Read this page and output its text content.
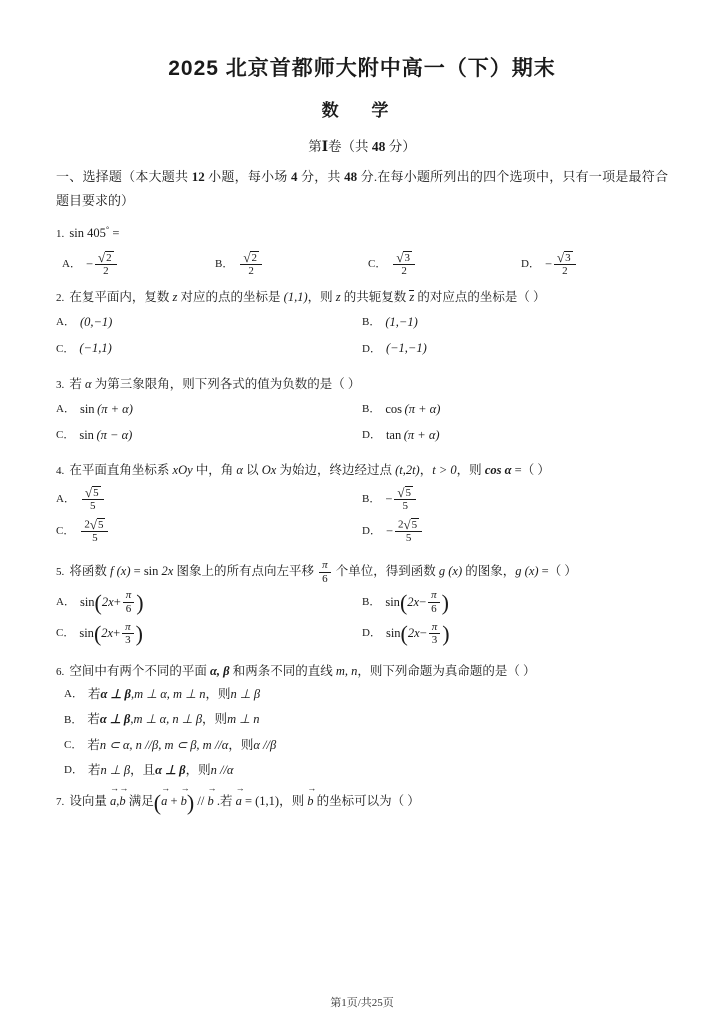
2025 北京首都师大附中高一（下）期末
数 学
第Ⅰ卷（共 48 分）
一、选择题（本大题共 12 小题，每小场 4 分，共 48 分.在每小题所列出的四个选项中，只有一项是最符合题目要求的）
1. sin 405° =
A． − $\frac{√ 2}{2}$	B． $\frac{√ 2}{2}$	C． $\frac{√ 3}{2}$	D． − $\frac{√ 3}{2}$
2. 在复平面内，复数 z 对应的点的坐标是 (1,1)，则 z 的共轭复数 z 的对应点的坐标是（ ）
A． (0,−1)	B． (1,−1)
C． (−1,1)	D． (−1,−1)
3. 若 α 为第三象限角，则下列各式的值为负数的是（ ）
A． sin
  (π + α)	B． cos
  (π + α)
C． sin
  (π − α)	D． tan
  (π + α)
4. 在平面直角坐标系 xOy 中，角 α 以 Ox 为始边，终边经过点 (t,2t)，t > 0，则 cos α =（ ）
A． $\frac{√ 5}{5}$	B． − $\frac{√ 5}{5}$
C． $\frac{2 √ 5}{5}$	D． − $\frac{2 √ 5}{5}$
5. 将函数 f (x) = sin 2x 图象上的所有点向左平移 $\frac{\pi}{6}$ 个单位，得到函数 g (x) 的图象，g (x) =（ ）
A． sin ( $2x + \frac{\pi}{6}$ )	B． sin ( $2x - \frac{\pi}{6}$ )
C． sin ( $2x + \frac{\pi}{3}$ )	D． sin ( $2x - \frac{\pi}{3}$ )
6. 空间中有两个不同的平面 α, β 和两条不同的直线 m, n，则下列命题为真命题的是（ ）
A． 若 α ⊥ β , m ⊥ α, m ⊥ n ，则 n ⊥ β
B． 若 α ⊥ β , m ⊥ α, n ⊥ β ，则 m ⊥ n
C． 若 n ⊂ α, n //β, m ⊂ β, m //α ，则 α //β
D． 若 n ⊥ β ，且 α ⊥ β ，则 n //α
7. 设向量 a →,b → 满足(a → + b →) // b → .若 a → = (1,1)，则 b → 的坐标可以为（ ）
第1页/共25页
